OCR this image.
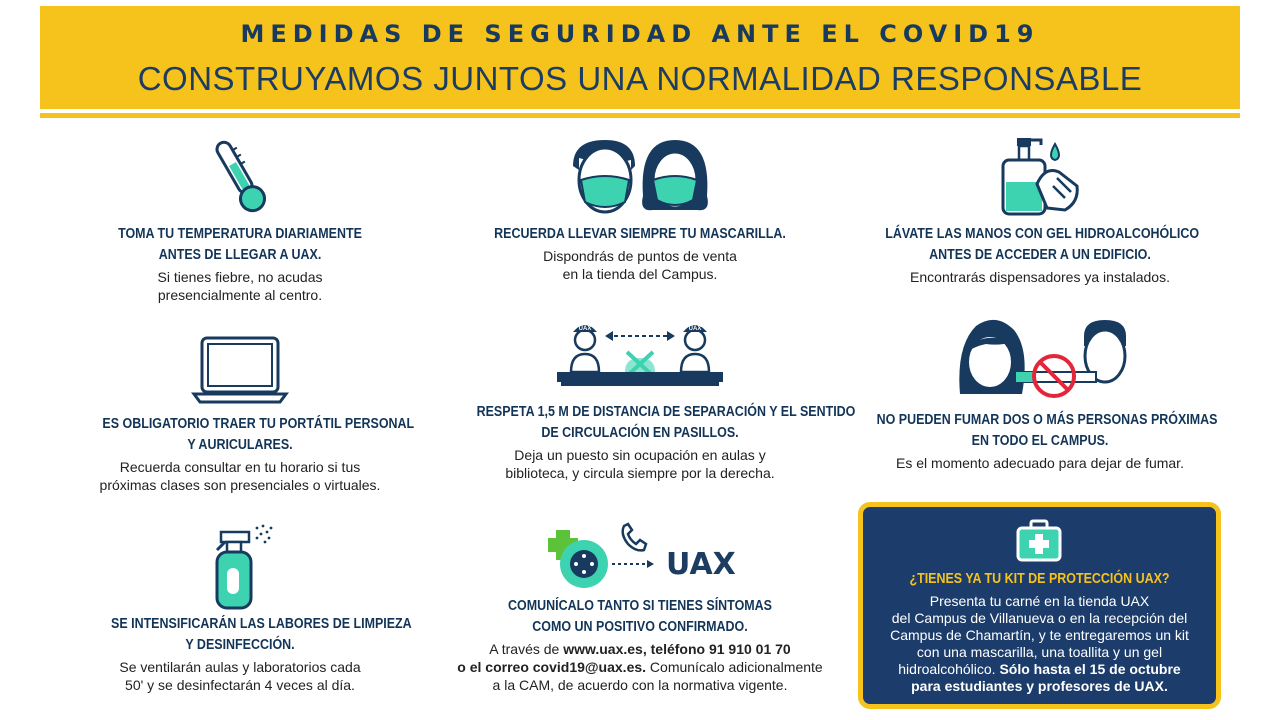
MEDIDAS DE SEGURIDAD ANTE EL COVID19
CONSTRUYAMOS JUNTOS UNA NORMALIDAD RESPONSABLE
TOMA TU TEMPERATURA DIARIAMENTE
ANTES DE LLEGAR A UAX.
Si tienes fiebre, no acudas
presencialmente al centro.
RECUERDA LLEVAR SIEMPRE TU MASCARILLA.
Dispondrás de puntos de venta
en la tienda del Campus.
LÁVATE LAS MANOS CON GEL HIDROALCOHÓLICO
ANTES DE ACCEDER A UN EDIFICIO.
Encontrarás dispensadores ya instalados.
ES OBLIGATORIO TRAER TU PORTÁTIL PERSONAL
Y AURICULARES.
Recuerda consultar en tu horario si tus
próximas clases son presenciales o virtuales.
UAX	UAX
RESPETA 1,5 M DE DISTANCIA DE SEPARACIÓN Y EL SENTIDO
DE CIRCULACIÓN EN PASILLOS.
Deja un puesto sin ocupación en aulas y
biblioteca, y circula siempre por la derecha.
NO PUEDEN FUMAR DOS O MÁS PERSONAS PRÓXIMAS
EN TODO EL CAMPUS.
Es el momento adecuado para dejar de fumar.
SE INTENSIFICARÁN LAS LABORES DE LIMPIEZA
Y DESINFECCIÓN.
Se ventilarán aulas y laboratorios cada
50' y se desinfectarán 4 veces al día.
UAX
COMUNÍCALO TANTO SI TIENES SÍNTOMAS
COMO UN POSITIVO CONFIRMADO.
A través de www.uax.es, teléfono 91 910 01 70
o el correo covid19@uax.es. Comunícalo adicionalmente
a la CAM, de acuerdo con la normativa vigente.
¿TIENES YA TU KIT DE PROTECCIÓN UAX?
Presenta tu carné en la tienda UAX
del Campus de Villanueva o en la recepción del
Campus de Chamartín, y te entregaremos un kit
con una mascarilla, una toallita y un gel
hidroalcohólico. Sólo hasta el 15 de octubre
para estudiantes y profesores de UAX.
